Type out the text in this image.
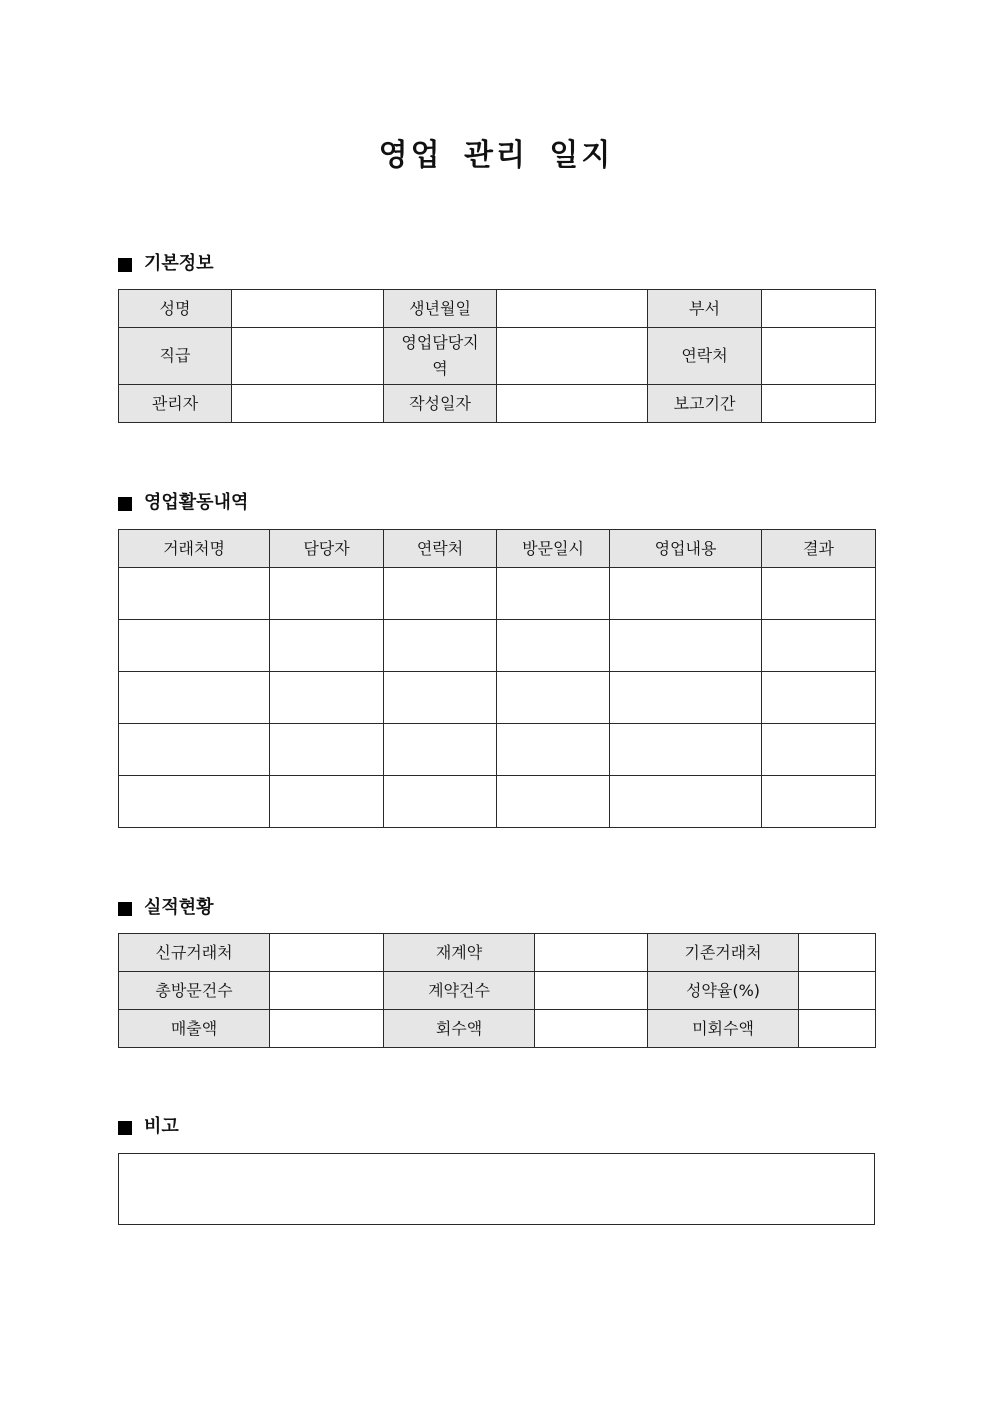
영업 관리 일지
기본정보
성명		생년월일		부서	
직급		영업담당지역		연락처	
관리자		작성일자		보고기간	
영업활동내역
거래처명	담당자	연락처	방문일시	영업내용	결과

실적현황
신규거래처		재계약		기존거래처	
총방문건수		계약건수		성약율(%)	
매출액		회수액		미회수액	
비고
